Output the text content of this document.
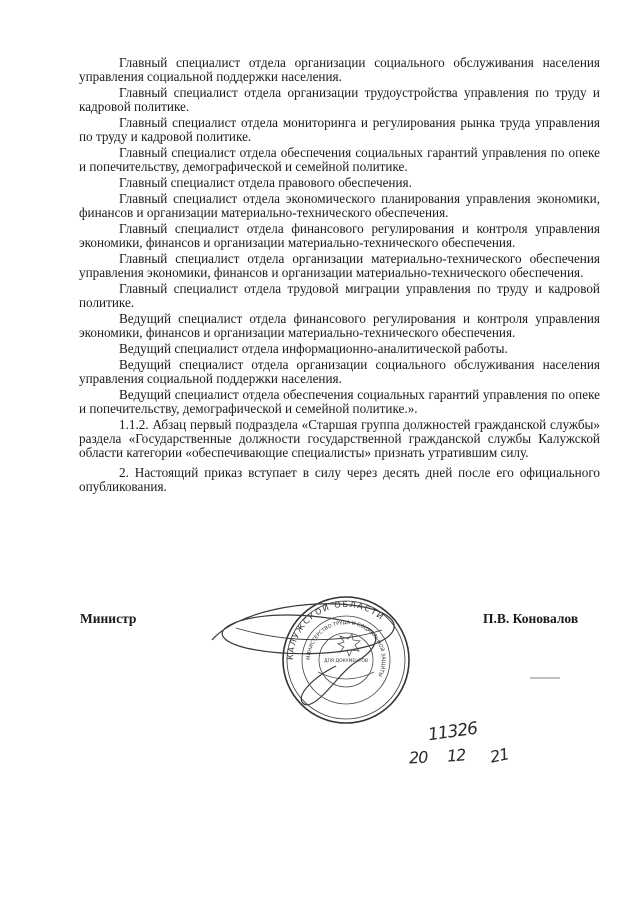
Главный специалист отдела организации социального обслуживания населения управления социальной поддержки населения.

Главный специалист отдела организации трудоустройства управления по труду и кадровой политике.

Главный специалист отдела мониторинга и регулирования рынка труда управления по труду и кадровой политике.

Главный специалист отдела обеспечения социальных гарантий управления по опеке и попечительству, демографической и семейной политике.

Главный специалист отдела правового обеспечения.

Главный специалист отдела экономического планирования управления экономики, финансов и организации материально-технического обеспечения.

Главный специалист отдела финансового регулирования и контроля управления экономики, финансов и организации материально-технического обеспечения.

Главный специалист отдела организации материально-технического обеспечения управления экономики, финансов и организации материально-технического обеспечения.

Главный специалист отдела трудовой миграции управления по труду и кадровой политике.

Ведущий специалист отдела финансового регулирования и контроля управления экономики, финансов и организации материально-технического обеспечения.

Ведущий специалист отдела информационно-аналитической работы.

Ведущий специалист отдела организации социального обслуживания населения управления социальной поддержки населения.

Ведущий специалист отдела обеспечения социальных гарантий управления по опеке и попечительству, демографической и семейной политике.».

1.1.2. Абзац первый подраздела «Старшая группа должностей гражданской службы» раздела «Государственные должности государственной гражданской службы Калужской области категории «обеспечивающие специалисты» признать утратившим силу.

2. Настоящий приказ вступает в силу через десять дней после его официального опубликования.

Министр	П.В. Коновалов
КАЛУЖСКОЙ ОБЛАСТИ
МИНИСТЕРСТВО ТРУДА И СОЦИАЛЬНОЙ ЗАЩИТЫ
ДЛЯ ДОКУМЕНТОВ
11326
20 12 21
